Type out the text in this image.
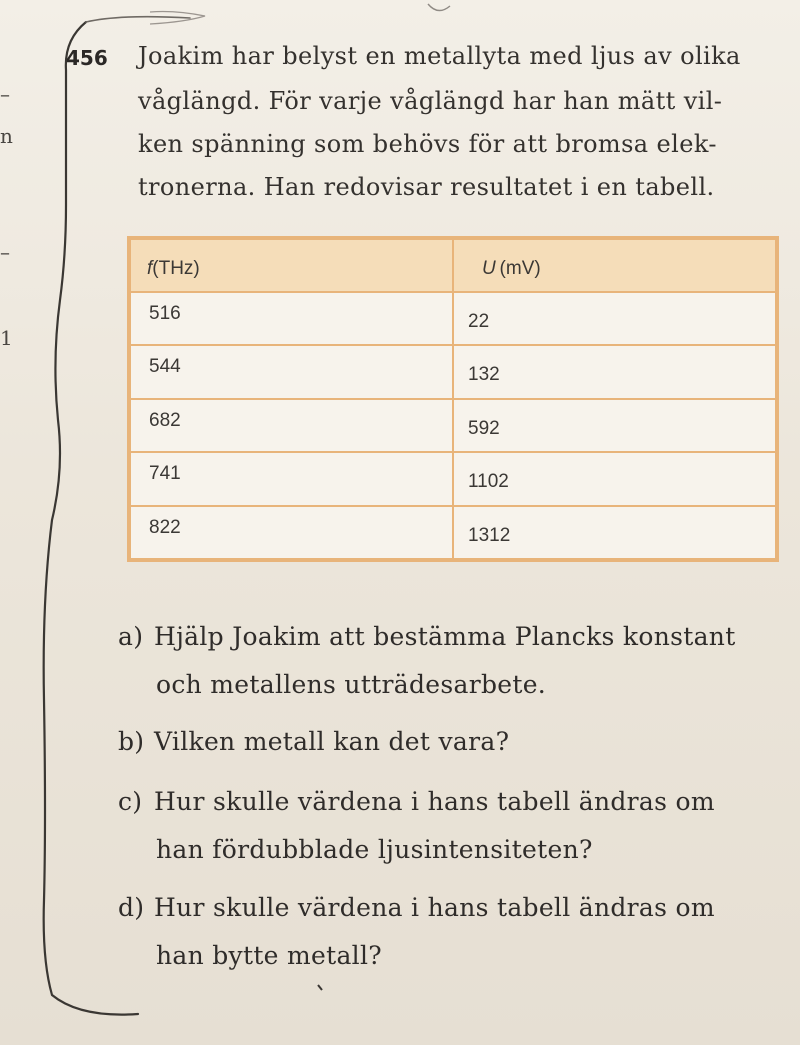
–
n
–
1
456 Joakim har belyst en metallyta med ljus av olika
våglängd. För varje våglängd har han mätt vil-
ken spänning som behövs för att bromsa elek-
tronerna. Han redovisar resultatet i en tabell.
f(THz)	U  (mV)
516	22
544	132
682	592
741	1102
822	1312
a) Hjälp Joakim att bestämma Plancks konstant
och metallens utträdesarbete.
b) Vilken metall kan det vara?
c) Hur skulle värdena i hans tabell ändras om
han fördubblade ljusintensiteten?
d) Hur skulle värdena i hans tabell ändras om
han bytte metall?
